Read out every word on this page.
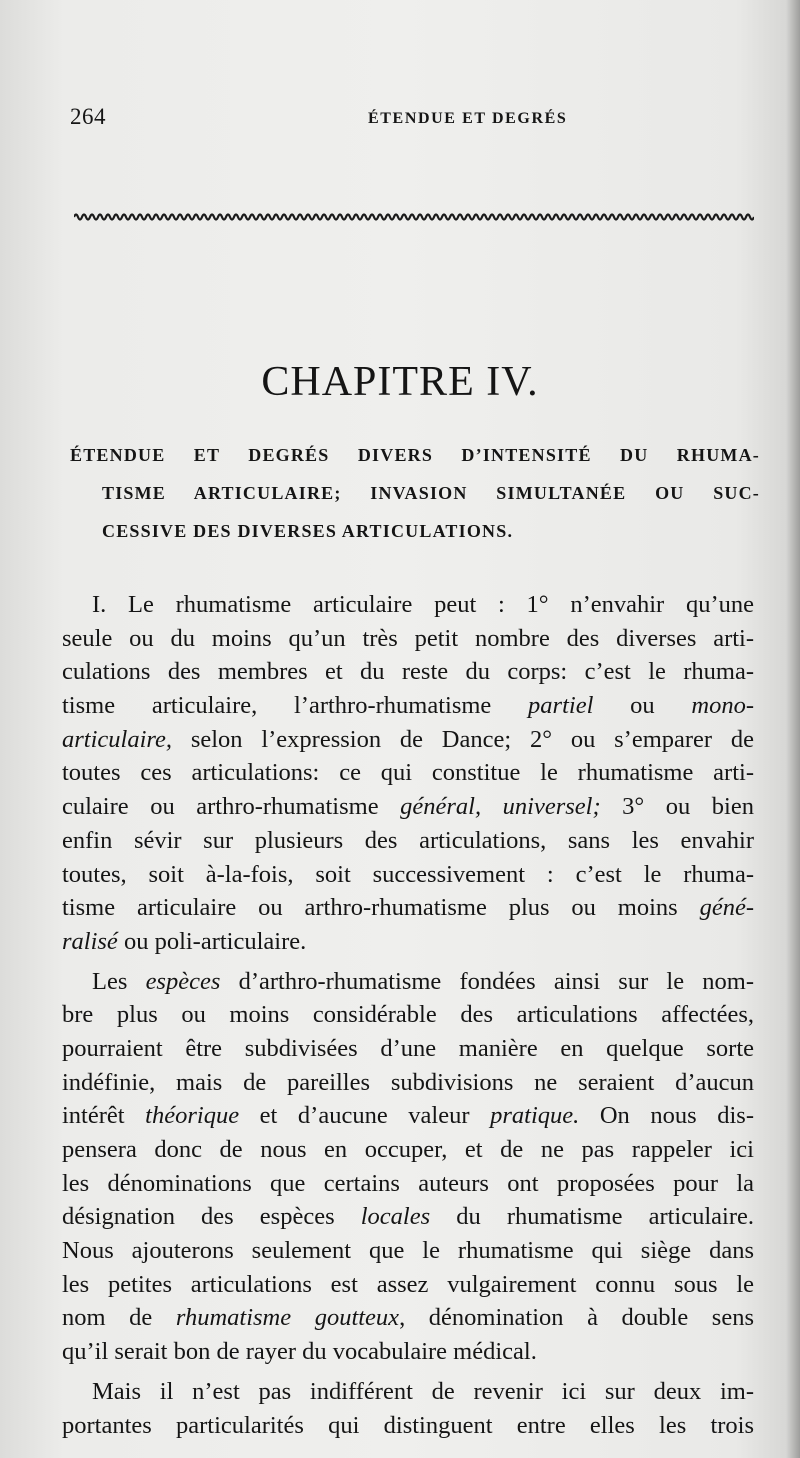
264	ÉTENDUE ET DEGRÉS
CHAPITRE IV.
ÉTENDUE ET DEGRÉS DIVERS D’INTENSITÉ DU RHUMA-
TISME ARTICULAIRE; INVASION SIMULTANÉE OU SUC-
CESSIVE DES DIVERSES ARTICULATIONS.
I. Le rhumatisme articulaire peut : 1° n’envahir qu’une
seule ou du moins qu’un très petit nombre des diverses arti-
culations des membres et du reste du corps: c’est le rhuma-
tisme articulaire, l’arthro-rhumatisme partiel ou mono-
articulaire, selon l’expression de Dance; 2° ou s’emparer de
toutes ces articulations: ce qui constitue le rhumatisme arti-
culaire ou arthro-rhumatisme général, universel; 3° ou bien
enfin sévir sur plusieurs des articulations, sans les envahir
toutes, soit à-la-fois, soit successivement : c’est le rhuma-
tisme articulaire ou arthro-rhumatisme plus ou moins géné-
ralisé ou poli-articulaire.
Les espèces d’arthro-rhumatisme fondées ainsi sur le nom-
bre plus ou moins considérable des articulations affectées,
pourraient être subdivisées d’une manière en quelque sorte
indéfinie, mais de pareilles subdivisions ne seraient d’aucun
intérêt théorique et d’aucune valeur pratique. On nous dis-
pensera donc de nous en occuper, et de ne pas rappeler ici
les dénominations que certains auteurs ont proposées pour la
désignation des espèces locales du rhumatisme articulaire.
Nous ajouterons seulement que le rhumatisme qui siège dans
les petites articulations est assez vulgairement connu sous le
nom de rhumatisme goutteux, dénomination à double sens
qu’il serait bon de rayer du vocabulaire médical.
Mais il n’est pas indifférent de revenir ici sur deux im-
portantes particularités qui distinguent entre elles les trois
